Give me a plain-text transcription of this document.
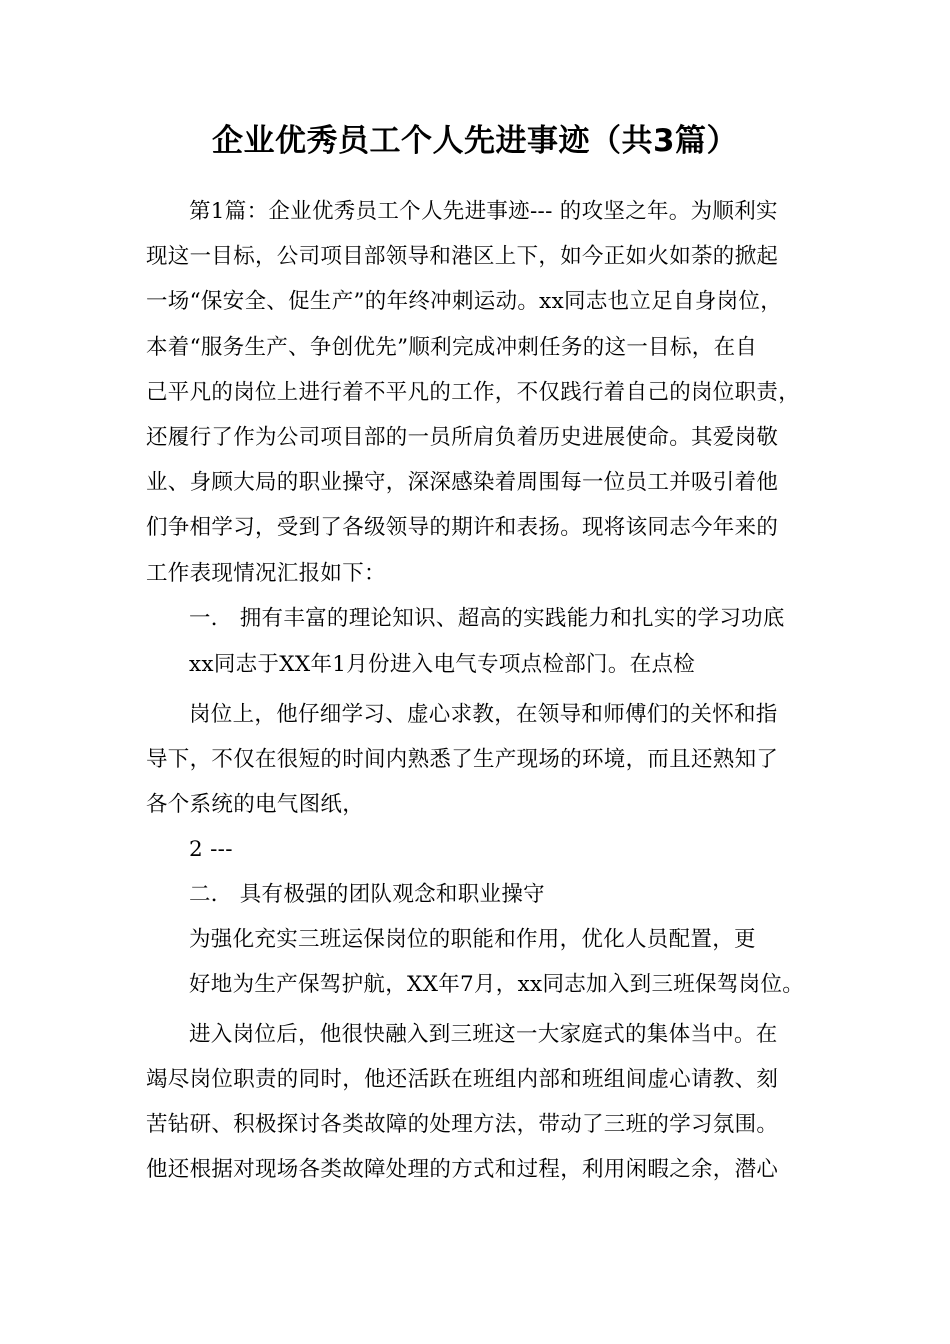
企业优秀员工个人先进事迹（共3篇）
第1篇：企业优秀员工个人先进事迹--- 的攻坚之年。为顺利实
现这一目标，公司项目部领导和港区上下，如今正如火如荼的掀起
一场“保安全、促生产”的年终冲刺运动。xx同志也立足自身岗位，
本着“服务生产、争创优先”顺利完成冲刺任务的这一目标，在自
己平凡的岗位上进行着不平凡的工作，不仅践行着自己的岗位职责，
还履行了作为公司项目部的一员所肩负着历史进展使命。其爱岗敬
业、身顾大局的职业操守，深深感染着周围每一位员工并吸引着他
们争相学习，受到了各级领导的期许和表扬。现将该同志今年来的
工作表现情况汇报如下：
一． 拥有丰富的理论知识、超高的实践能力和扎实的学习功底
xx同志于XX年1月份进入电气专项点检部门。在点检
岗位上，他仔细学习、虚心求教，在领导和师傅们的关怀和指
导下，不仅在很短的时间内熟悉了生产现场的环境，而且还熟知了
各个系统的电气图纸，
2 ---
二． 具有极强的团队观念和职业操守
为强化充实三班运保岗位的职能和作用，优化人员配置，更
好地为生产保驾护航，XX年7月，xx同志加入到三班保驾岗位。
进入岗位后，他很快融入到三班这一大家庭式的集体当中。在
竭尽岗位职责的同时，他还活跃在班组内部和班组间虚心请教、刻
苦钻研、积极探讨各类故障的处理方法，带动了三班的学习氛围。
他还根据对现场各类故障处理的方式和过程，利用闲暇之余，潜心
